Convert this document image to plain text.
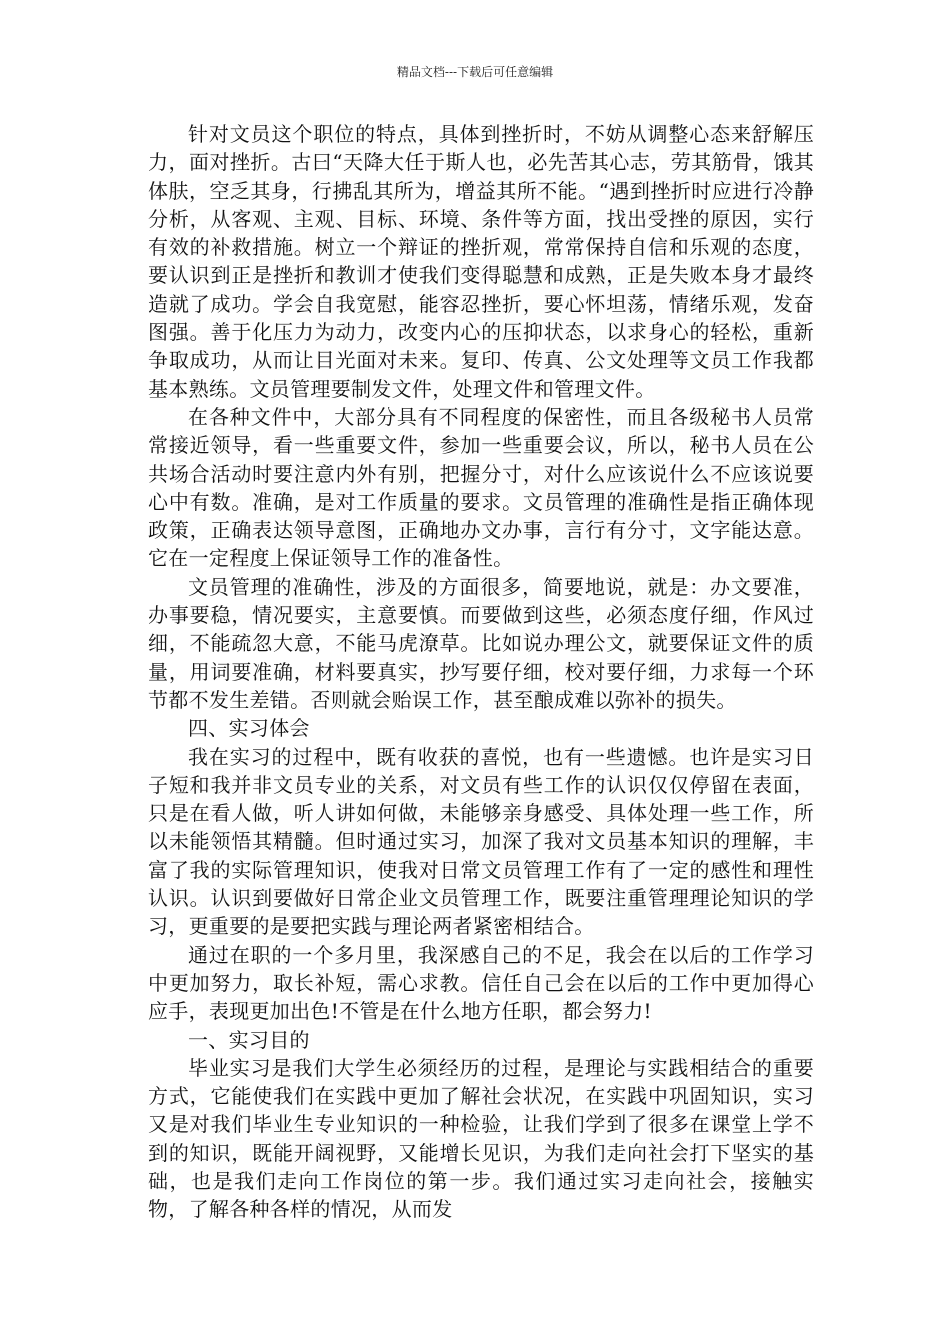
精品文档---下载后可任意编辑

针对文员这个职位的特点，具体到挫折时，不妨从调整心态来舒解压力，面对挫折。古曰“天降大任于斯人也，必先苦其心志，劳其筋骨，饿其体肤，空乏其身，行拂乱其所为，增益其所不能。“遇到挫折时应进行冷静分析，从客观、主观、目标、环境、条件等方面，找出受挫的原因，实行有效的补救措施。树立一个辩证的挫折观，常常保持自信和乐观的态度，要认识到正是挫折和教训才使我们变得聪慧和成熟，正是失败本身才最终造就了成功。学会自我宽慰，能容忍挫折，要心怀坦荡，情绪乐观，发奋图强。善于化压力为动力，改变内心的压抑状态，以求身心的轻松，重新争取成功，从而让目光面对未来。复印、传真、公文处理等文员工作我都基本熟练。文员管理要制发文件，处理文件和管理文件。

在各种文件中，大部分具有不同程度的保密性，而且各级秘书人员常常接近领导，看一些重要文件，参加一些重要会议，所以，秘书人员在公共场合活动时要注意内外有别，把握分寸，对什么应该说什么不应该说要心中有数。准确，是对工作质量的要求。文员管理的准确性是指正确体现政策，正确表达领导意图，正确地办文办事，言行有分寸，文字能达意。它在一定程度上保证领导工作的准备性。

文员管理的准确性，涉及的方面很多，简要地说，就是：办文要准，办事要稳，情况要实，主意要慎。而要做到这些，必须态度仔细，作风过细，不能疏忽大意，不能马虎潦草。比如说办理公文，就要保证文件的质量，用词要准确，材料要真实，抄写要仔细，校对要仔细，力求每一个环节都不发生差错。否则就会贻误工作，甚至酿成难以弥补的损失。

四、实习体会

我在实习的过程中，既有收获的喜悦，也有一些遗憾。也许是实习日子短和我并非文员专业的关系，对文员有些工作的认识仅仅停留在表面，只是在看人做，听人讲如何做，未能够亲身感受、具体处理一些工作，所以未能领悟其精髓。但时通过实习，加深了我对文员基本知识的理解，丰富了我的实际管理知识，使我对日常文员管理工作有了一定的感性和理性认识。认识到要做好日常企业文员管理工作，既要注重管理理论知识的学习，更重要的是要把实践与理论两者紧密相结合。

通过在职的一个多月里，我深感自己的不足，我会在以后的工作学习中更加努力，取长补短，需心求教。信任自己会在以后的工作中更加得心应手，表现更加出色!不管是在什么地方任职，都会努力!

一、实习目的

毕业实习是我们大学生必须经历的过程，是理论与实践相结合的重要方式，它能使我们在实践中更加了解社会状况，在实践中巩固知识，实习又是对我们毕业生专业知识的一种检验，让我们学到了很多在课堂上学不到的知识，既能开阔视野，又能增长见识，为我们走向社会打下坚实的基础，也是我们走向工作岗位的第一步。我们通过实习走向社会，接触实物，了解各种各样的情况，从而发
